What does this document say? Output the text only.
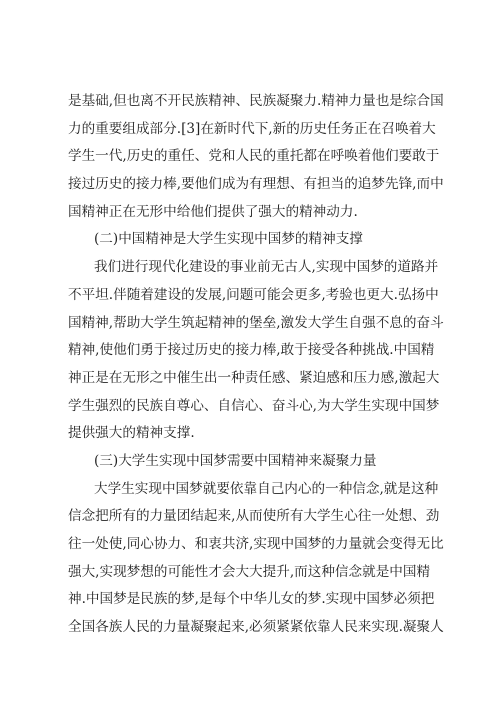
是基础,但也离不开民族精神、民族凝聚力.精神力量也是综合国
力的重要组成部分.[3]在新时代下,新的历史任务正在召唤着大
学生一代,历史的重任、党和人民的重托都在呼唤着他们要敢于
接过历史的接力棒,要他们成为有理想、有担当的追梦先锋,而中
国精神正在无形中给他们提供了强大的精神动力.
(二)中国精神是大学生实现中国梦的精神支撑
我们进行现代化建设的事业前无古人,实现中国梦的道路并
不平坦.伴随着建设的发展,问题可能会更多,考验也更大.弘扬中
国精神,帮助大学生筑起精神的堡垒,激发大学生自强不息的奋斗
精神,使他们勇于接过历史的接力棒,敢于接受各种挑战.中国精
神正是在无形之中催生出一种责任感、紧迫感和压力感,激起大
学生强烈的民族自尊心、自信心、奋斗心,为大学生实现中国梦
提供强大的精神支撑.
(三)大学生实现中国梦需要中国精神来凝聚力量
大学生实现中国梦就要依靠自己内心的一种信念,就是这种
信念把所有的力量团结起来,从而使所有大学生心往一处想、劲
往一处使,同心协力、和衷共济,实现中国梦的力量就会变得无比
强大,实现梦想的可能性才会大大提升,而这种信念就是中国精
神.中国梦是民族的梦,是每个中华儿女的梦.实现中国梦必须把
全国各族人民的力量凝聚起来,必须紧紧依靠人民来实现.凝聚人
